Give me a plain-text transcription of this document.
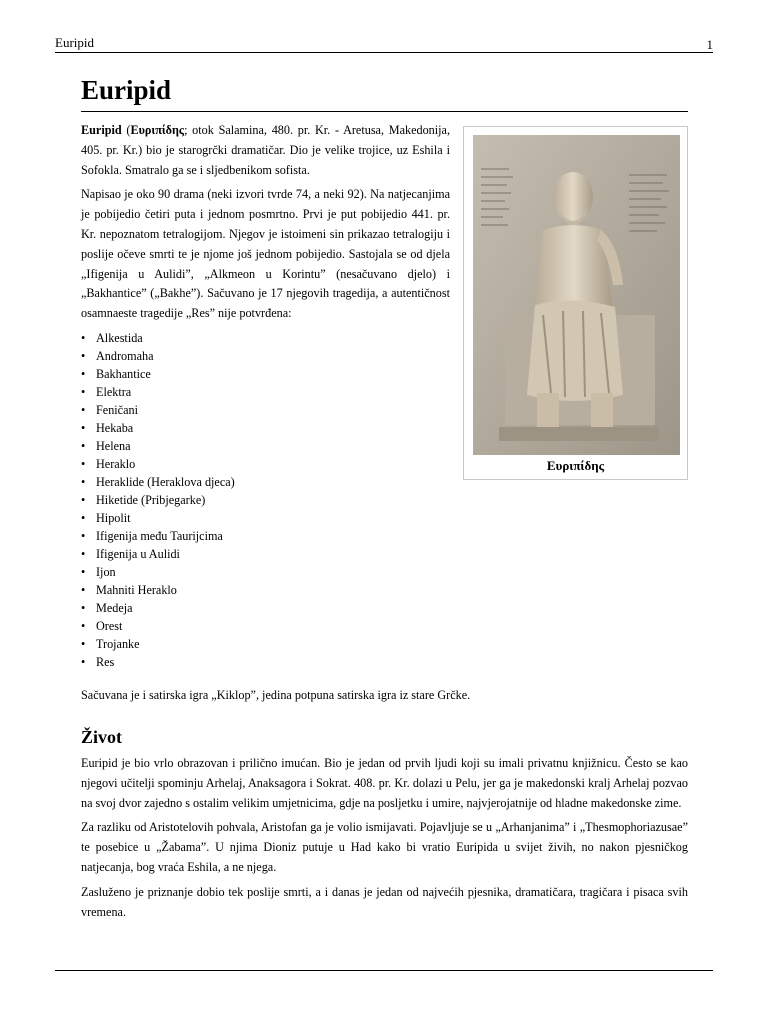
Euripid	1
Euripid

Euripid (Ευριπίδης; otok Salamina, 480. pr. Kr. - Aretusa, Makedonija, 405. pr. Kr.) bio je starogrčki dramatičar. Dio je velike trojice, uz Eshila i Sofokla. Smatralo ga se i sljedbenikom sofista.

Napisao je oko 90 drama (neki izvori tvrde 74, a neki 92). Na natjecanjima je pobijedio četiri puta i jednom posmrtno. Prvi je put pobijedio 441. pr. Kr. nepoznatom tetralogijom. Njegov je istoimeni sin prikazao tetralogiju i poslije očeve smrti te je njome još jednom pobijedio. Sastojala se od djela „Ifigenija u Aulidi”, „Alkmeon u Korintu” (nesačuvano djelo) i „Bakhantice” („Bakhe”). Sačuvano je 17 njegovih tragedija, a autentičnost osamnaeste tragedije „Res” nije potvrđena:

• Alkestida
• Andromaha
• Bakhantice
• Elektra
• Feničani
• Hekaba
• Helena
• Heraklo
• Heraklide (Heraklova djeca)
• Hiketide (Pribjegarke)
• Hipolit
• Ifigenija među Taurijcima
• Ifigenija u Aulidi
• Ijon
• Mahniti Heraklo
• Medeja
• Orest
• Trojanke
• Res

Sačuvana je i satirska igra „Kiklop”, jedina potpuna satirska igra iz stare Grčke.

Život

Euripid je bio vrlo obrazovan i prilično imućan. Bio je jedan od prvih ljudi koji su imali privatnu knjižnicu. Često se kao njegovi učitelji spominju Arhelaj, Anaksagora i Sokrat. 408. pr. Kr. dolazi u Pelu, jer ga je makedonski kralj Arhelaj pozvao na svoj dvor zajedno s ostalim velikim umjetnicima, gdje na posljetku i umire, najvjerojatnije od hladne makedonske zime.

Za razliku od Aristotelovih pohvala, Aristofan ga je volio ismijavati. Pojavljuje se u „Arhanjanima” i „Thesmophoriazusae” te posebice u „Žabama”. U njima Dioniz putuje u Had kako bi vratio Euripida u svijet živih, no nakon pjesničkog natjecanja, bog vraća Eshila, a ne njega.

Zasluženo je priznanje dobio tek poslije smrti, a i danas je jedan od najvećih pjesnika, dramatičara, tragičara i pisaca svih vremena.

Ευριπίδης
